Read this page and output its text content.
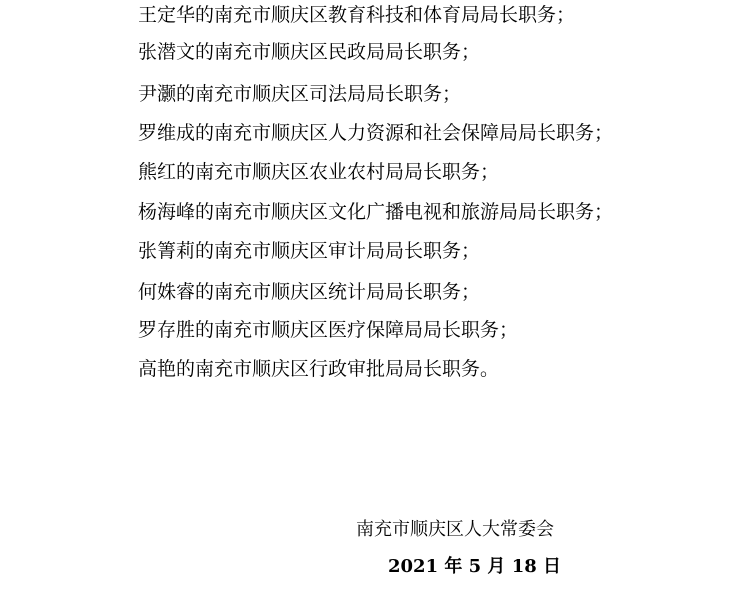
王定华的南充市顺庆区教育科技和体育局局长职务；
张潜文的南充市顺庆区民政局局长职务；
尹灏的南充市顺庆区司法局局长职务；
罗维成的南充市顺庆区人力资源和社会保障局局长职务；
熊红的南充市顺庆区农业农村局局长职务；
杨海峰的南充市顺庆区文化广播电视和旅游局局长职务；
张箐莉的南充市顺庆区审计局局长职务；
何姝睿的南充市顺庆区统计局局长职务；
罗存胜的南充市顺庆区医疗保障局局长职务；
高艳的南充市顺庆区行政审批局局长职务。
南充市顺庆区人大常委会
2021 年 5 月 18 日
